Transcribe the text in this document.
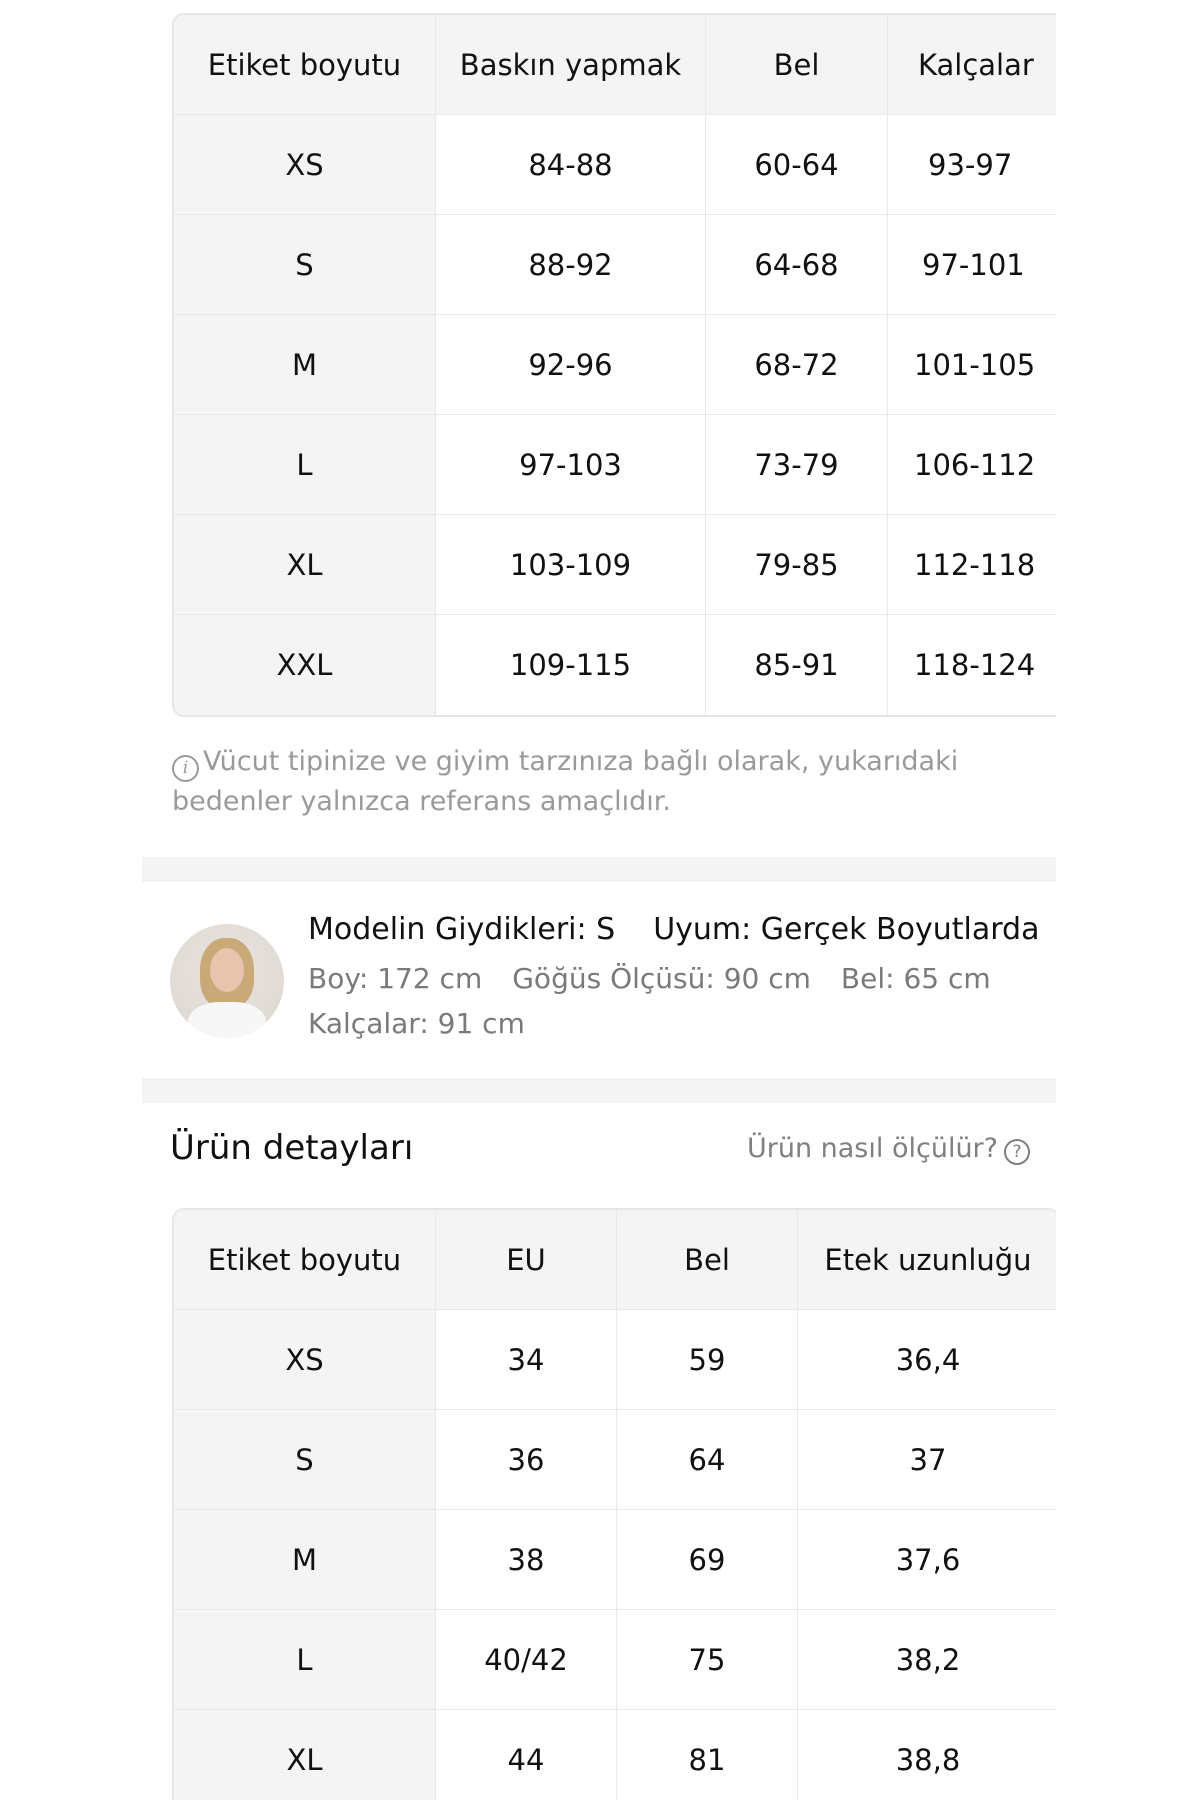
Etiket boyutu	Baskın yapmak	Bel	Kalçalar
XS	84-88	60-64	93-97
S	88-92	64-68	97-101
M	92-96	68-72	101-105
L	97-103	73-79	106-112
XL	103-109	79-85	112-118
XXL	109-115	85-91	118-124
i Vücut tipinize ve giyim tarzınıza bağlı olarak, yukarıdaki bedenler yalnızca referans amaçlıdır.
Modelin Giydikleri: S Uyum: Gerçek Boyutlarda
Boy: 172 cm Göğüs Ölçüsü: 90 cm Bel: 65 cm
Kalçalar: 91 cm
Ürün detayları	Ürün nasıl ölçülür? ?
Etiket boyutu	EU	Bel	Etek uzunluğu
XS	34	59	36,4
S	36	64	37
M	38	69	37,6
L	40/42	75	38,2
XL	44	81	38,8
